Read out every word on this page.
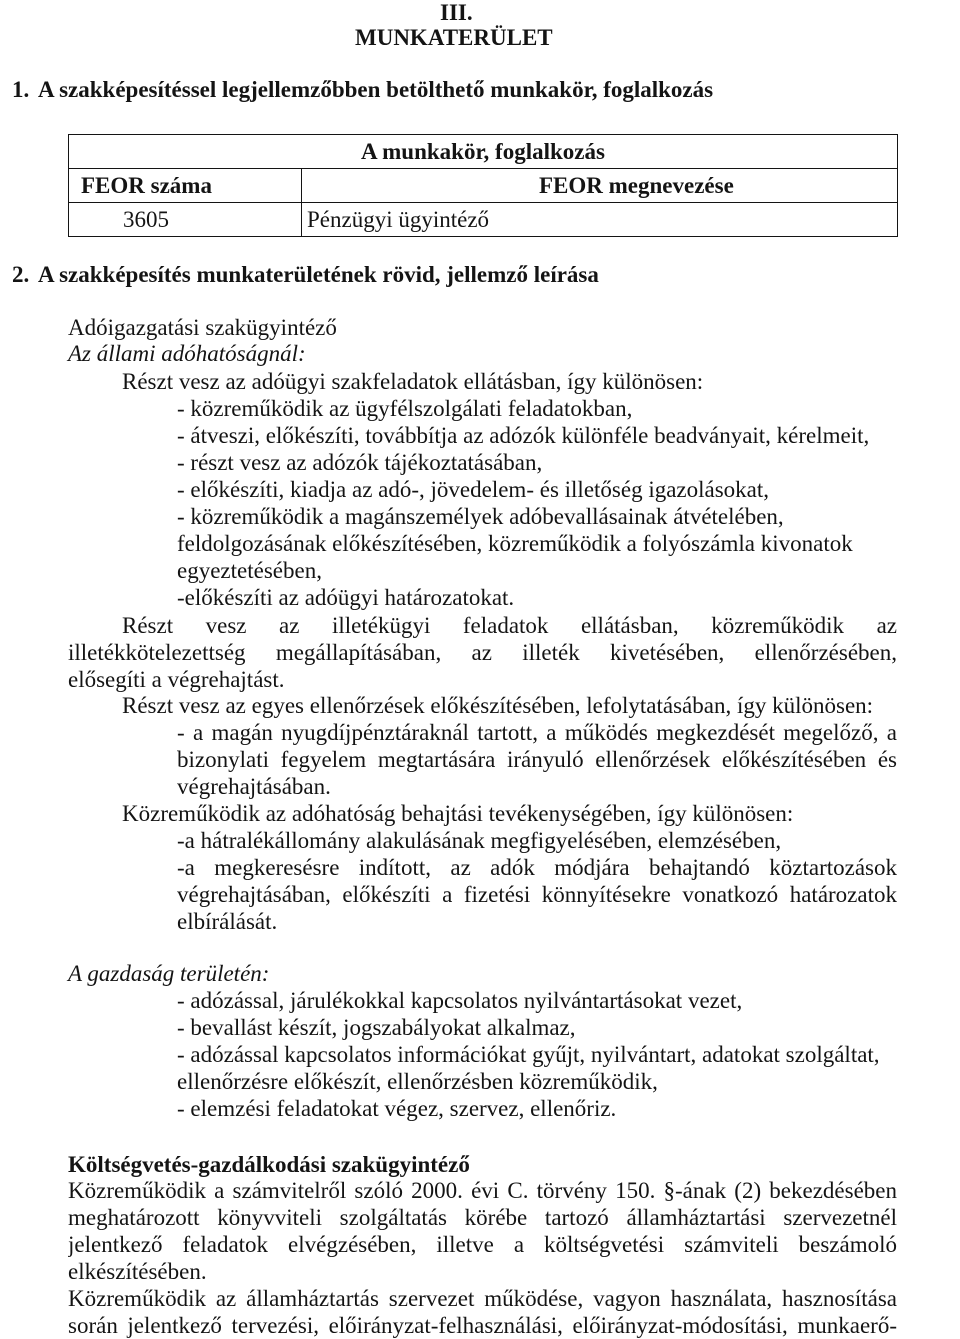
III.
MUNKATERÜLET
1. A szakképesítéssel legjellemzőbben betölthető munkakör, foglalkozás
A munkakör, foglalkozás	
FEOR száma	FEOR megnevezése
3605	Pénzügyi ügyintéző
2. A szakképesítés munkaterületének rövid, jellemző leírása
Adóigazgatási szakügyintéző
Az állami adóhatóságnál:
Részt vesz az adóügyi szakfeladatok ellátásban, így különösen:
- közreműködik az ügyfélszolgálati feladatokban,
- átveszi, előkészíti, továbbítja az adózók különféle beadványait, kérelmeit,
- részt vesz az adózók tájékoztatásában,
- előkészíti, kiadja az adó-, jövedelem- és illetőség igazolásokat,
- közreműködik a magánszemélyek adóbevallásainak átvételében,
feldolgozásának előkészítésében, közreműködik a folyószámla kivonatok
egyeztetésében,
-előkészíti az adóügyi határozatokat.
Részt vesz az illetékügyi feladatok ellátásban, közreműködik az
illetékkötelezettség megállapításában, az illeték kivetésében, ellenőrzésében,
elősegíti a végrehajtást.
Részt vesz az egyes ellenőrzések előkészítésében, lefolytatásában, így különösen:
- a magán nyugdíjpénztáraknál tartott, a működés megkezdését megelőző, a
bizonylati fegyelem megtartására irányuló ellenőrzések előkészítésében és
végrehajtásában.
Közreműködik az adóhatóság behajtási tevékenységében, így különösen:
-a hátralékállomány alakulásának megfigyelésében, elemzésében,
-a megkeresésre indított, az adók módjára behajtandó köztartozások
végrehajtásában, előkészíti a fizetési könnyítésekre vonatkozó határozatok
elbírálását.
A gazdaság területén:
- adózással, járulékokkal kapcsolatos nyilvántartásokat vezet,
- bevallást készít, jogszabályokat alkalmaz,
- adózással kapcsolatos információkat gyűjt, nyilvántart, adatokat szolgáltat,
ellenőrzésre előkészít, ellenőrzésben közreműködik,
- elemzési feladatokat végez, szervez, ellenőriz.
Költségvetés-gazdálkodási szakügyintéző
Közreműködik a számvitelről szóló 2000. évi C. törvény 150. §-ának (2) bekezdésében
meghatározott könyvviteli szolgáltatás körébe tartozó államháztartási szervezetnél
jelentkező feladatok elvégzésében, illetve a költségvetési számviteli beszámoló
elkészítésében.
Közreműködik az államháztartás szervezet működése, vagyon használata, hasznosítása
során jelentkező tervezési, előirányzat-felhasználási, előirányzat-módosítási, munkaerő-
